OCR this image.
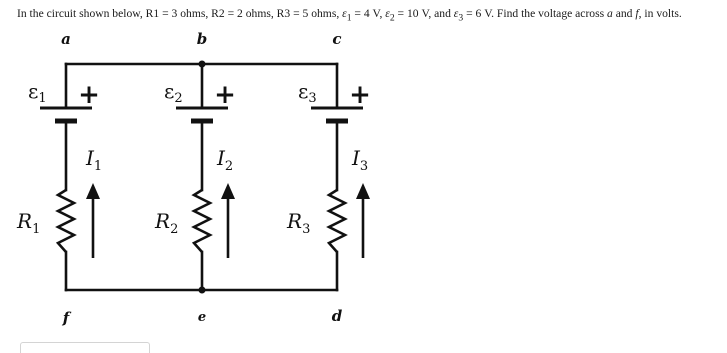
In the circuit shown below, R1 = 3 ohms, R2 = 2 ohms, R3 = 5 ohms, $\varepsilon_1 = 4$ V, $\varepsilon_2 = 10$ V, and $\varepsilon_3 = 6$ V. Find the voltage across a and f, in volts.
a	b	c
f	e	d
$\varepsilon_1$	$\varepsilon_2$	$\varepsilon_3$
+	+	+
$I_1$	$I_2$	$I_3$
$R_1$	$R_2$	$R_3$
